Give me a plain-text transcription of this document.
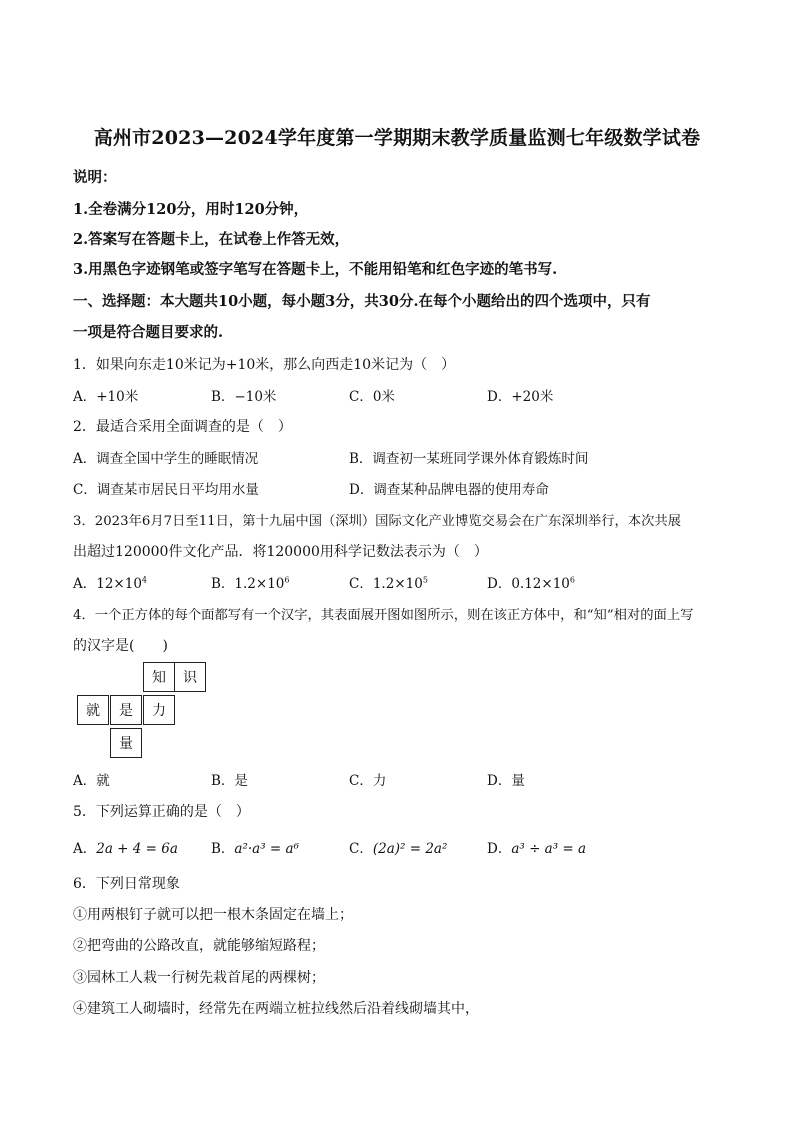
高州市2023—2024学年度第一学期期末教学质量监测七年级数学试卷
说明：
1.全卷满分120分，用时120分钟，
2.答案写在答题卡上，在试卷上作答无效，
3.用黑色字迹钢笔或签字笔写在答题卡上，不能用铅笔和红色字迹的笔书写.
一、选择题：本大题共10小题，每小题3分，共30分.在每个小题给出的四个选项中，只有
一项是符合题目要求的.
1．如果向东走10米记为+10米，那么向西走10米记为（　）
A．+10米	B．−10米	C．0米	D．+20米
2．最适合采用全面调查的是（　）
A．调查全国中学生的睡眠情况	B．调查初一某班同学课外体育锻炼时间
C．调查某市居民日平均用水量	D．调查某种品牌电器的使用寿命
3．2023年6月7日至11日，第十九届中国（深圳）国际文化产业博览交易会在广东深圳举行，本次共展
出超过120000件文化产品．将120000用科学记数法表示为（　）
A．$12\times 10^4$	B．$1.2\times 10^6$	C．$1.2\times 10^5$	D．$0.12\times 10^6$
4．一个正方体的每个面都写有一个汉字，其表面展开图如图所示，则在该正方体中，和“知”相对的面上写
的汉字是(　　)
知	识
就	是	力
量
A．就	B．是	C．力	D．量
5．下列运算正确的是（　）
A．2a + 4 = 6a B．a²·a³ = a⁶	C．(2a)² = 2a²	D．a³ ÷ a³ = a
6．下列日常现象
①用两根钉子就可以把一根木条固定在墙上；
②把弯曲的公路改直，就能够缩短路程；
③园林工人栽一行树先栽首尾的两棵树；
④建筑工人砌墙时，经常先在两端立桩拉线然后沿着线砌墙其中，
